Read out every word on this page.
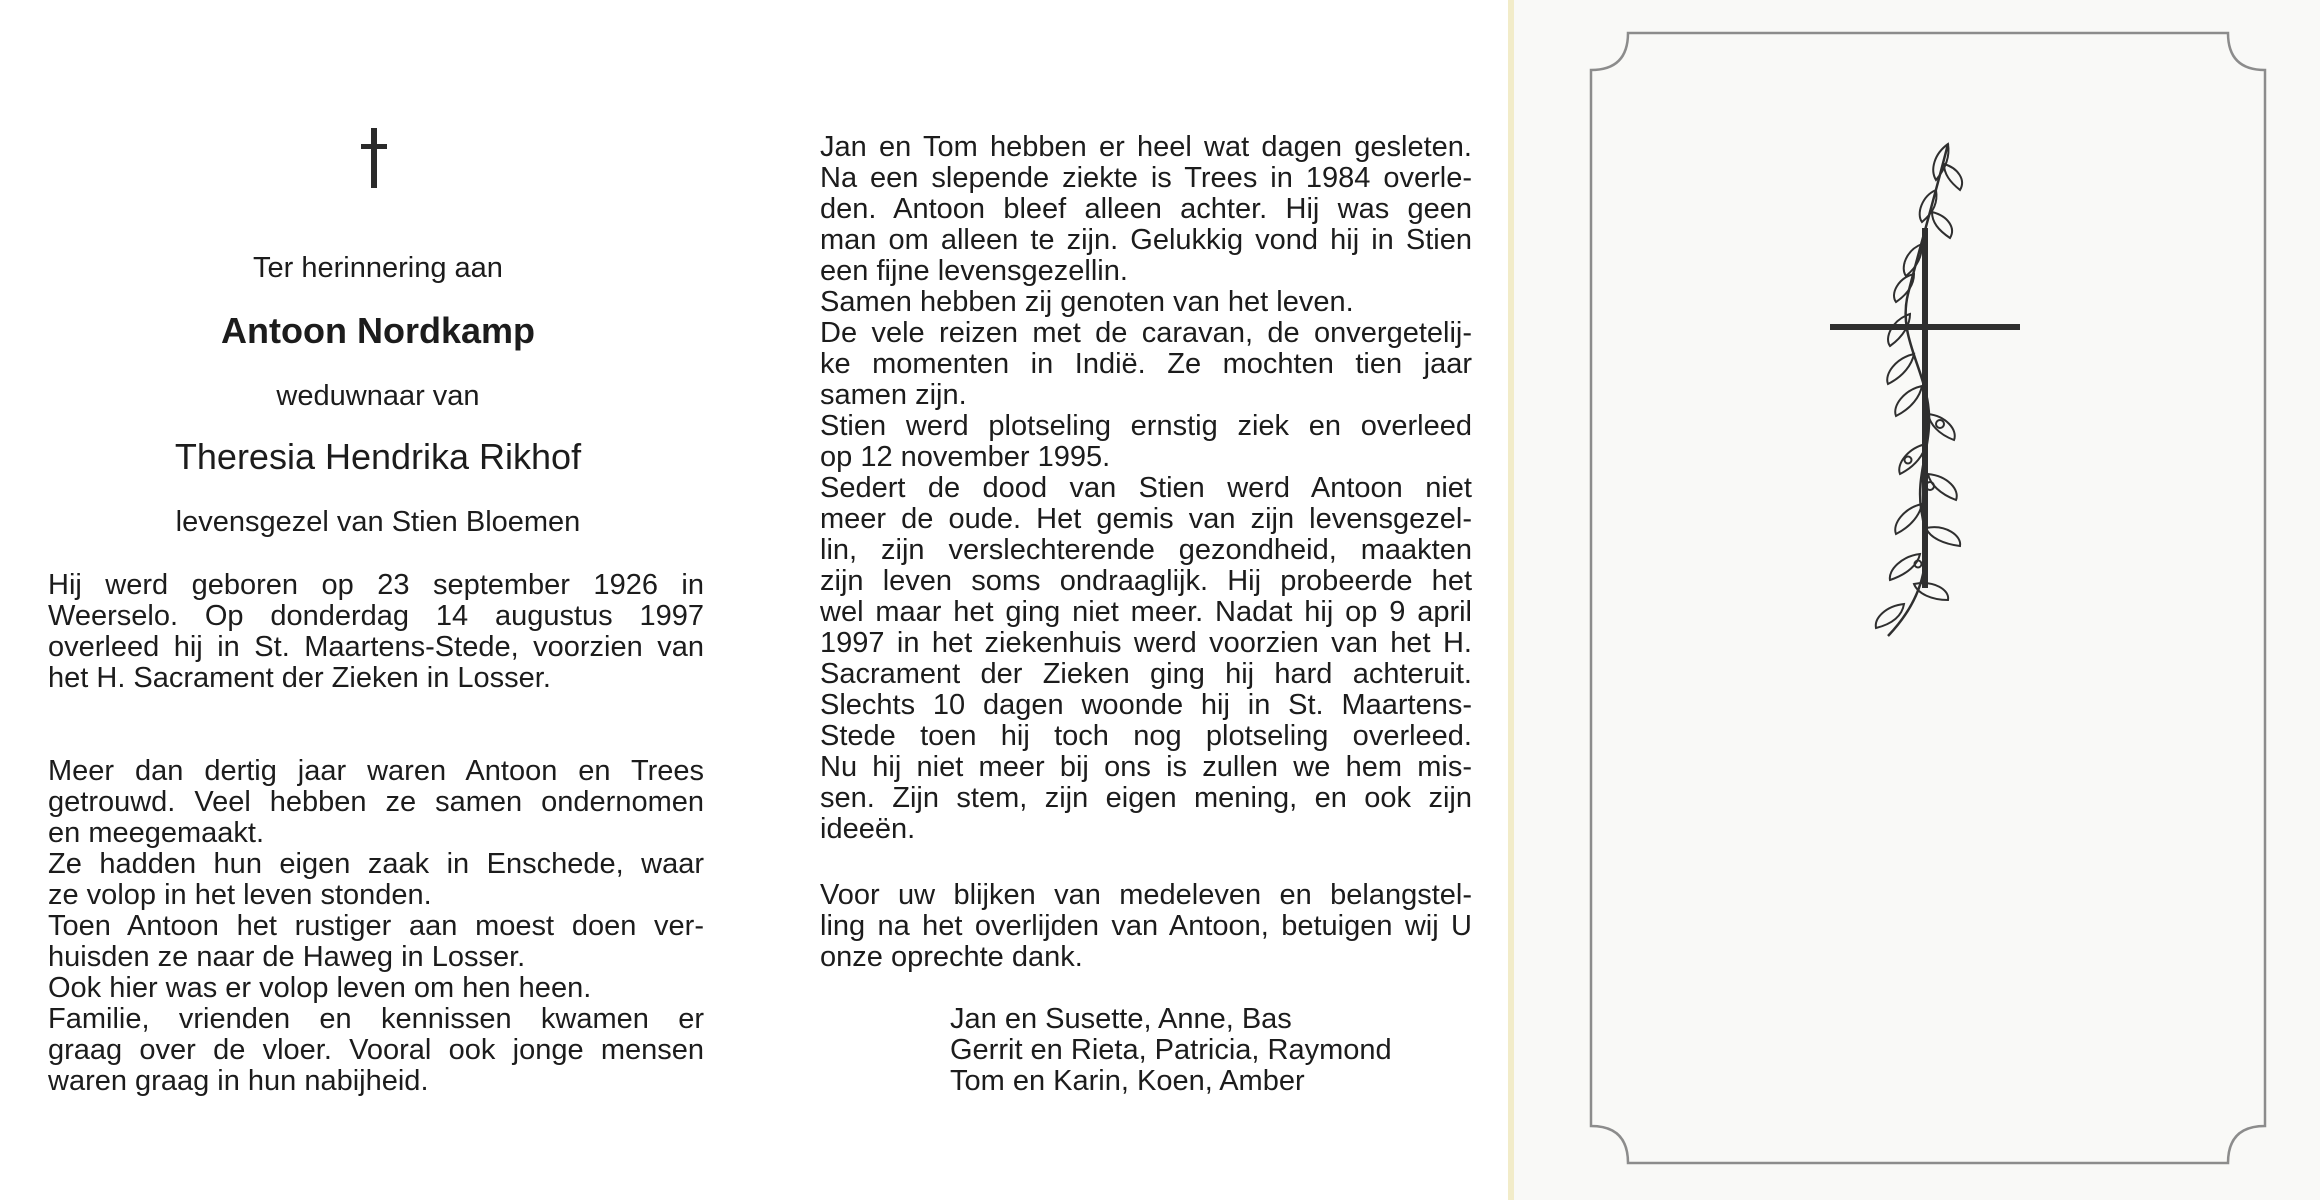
Ter herinnering aan
Antoon Nordkamp
weduwnaar van
Theresia Hendrika Rikhof
levensgezel van Stien Bloemen
Hij werd geboren op 23 september 1926 in
Weerselo. Op donderdag 14 augustus 1997
overleed hij in St. Maartens-Stede, voorzien van
het H. Sacrament der Zieken in Losser.
Meer dan dertig jaar waren Antoon en Trees
getrouwd. Veel hebben ze samen ondernomen
en meegemaakt.
Ze hadden hun eigen zaak in Enschede, waar
ze volop in het leven stonden.
Toen Antoon het rustiger aan moest doen ver-
huisden ze naar de Haweg in Losser.
Ook hier was er volop leven om hen heen.
Familie, vrienden en kennissen kwamen er
graag over de vloer. Vooral ook jonge mensen
waren graag in hun nabijheid.
Jan en Tom hebben er heel wat dagen gesleten.
Na een slepende ziekte is Trees in 1984 overle-
den. Antoon bleef alleen achter. Hij was geen
man om alleen te zijn. Gelukkig vond hij in Stien
een fijne levensgezellin.
Samen hebben zij genoten van het leven.
De vele reizen met de caravan, de onvergetelij-
ke momenten in Indië. Ze mochten tien jaar
samen zijn.
Stien werd plotseling ernstig ziek en overleed
op 12 november 1995.
Sedert de dood van Stien werd Antoon niet
meer de oude. Het gemis van zijn levensgezel-
lin, zijn verslechterende gezondheid, maakten
zijn leven soms ondraaglijk. Hij probeerde het
wel maar het ging niet meer. Nadat hij op 9 april
1997 in het ziekenhuis werd voorzien van het H.
Sacrament der Zieken ging hij hard achteruit.
Slechts 10 dagen woonde hij in St. Maartens-
Stede toen hij toch nog plotseling overleed.
Nu hij niet meer bij ons is zullen we hem mis-
sen. Zijn stem, zijn eigen mening, en ook zijn
ideeën.
Voor uw blijken van medeleven en belangstel-
ling na het overlijden van Antoon, betuigen wij U
onze oprechte dank.
Jan en Susette, Anne, Bas
Gerrit en Rieta, Patricia, Raymond
Tom en Karin, Koen, Amber
